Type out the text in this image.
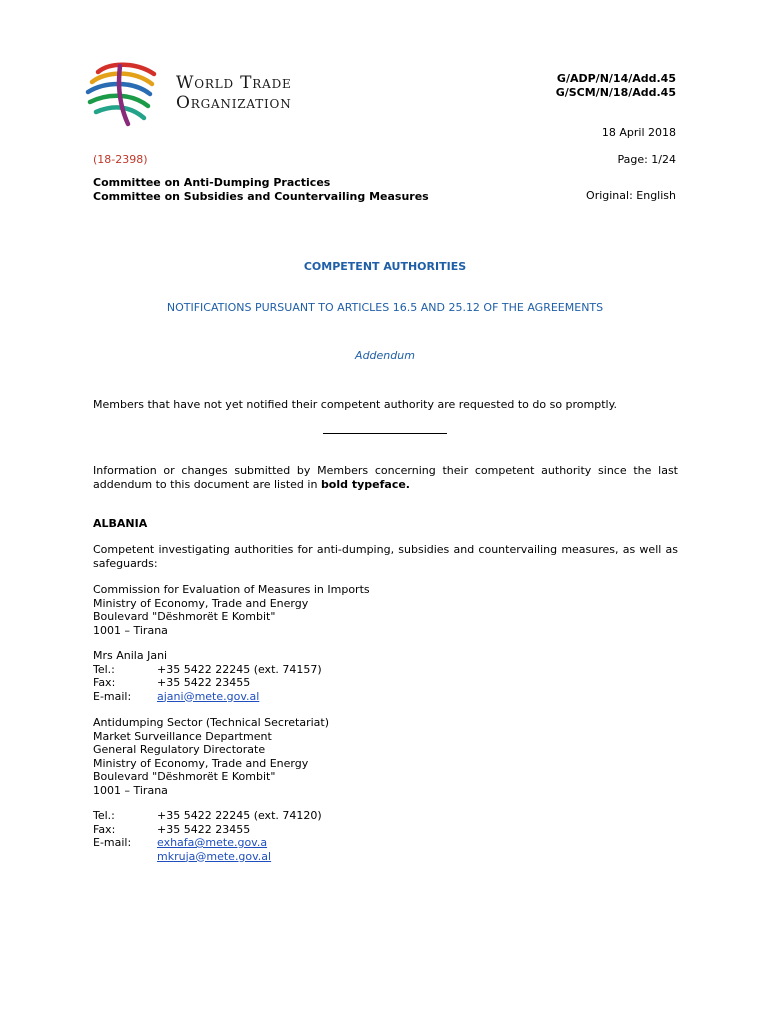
World Trade
Organization
G/ADP/N/14/Add.45
G/SCM/N/18/Add.45
18 April 2018
(18-2398)	Page: 1/24
Committee on Anti-Dumping Practices
Committee on Subsidies and Countervailing Measures	Original: English
COMPETENT AUTHORITIES
NOTIFICATIONS PURSUANT TO ARTICLES 16.5 AND 25.12 OF THE AGREEMENTS
Addendum
Members that have not yet notified their competent authority are requested to do so promptly.
Information or changes submitted by Members concerning their competent authority since the last addendum to this document are listed in bold typeface.
ALBANIA
Competent investigating authorities for anti-dumping, subsidies and countervailing measures, as well as safeguards:
Commission for Evaluation of Measures in Imports
Ministry of Economy, Trade and Energy
Boulevard "Dëshmorët E Kombit"
1001 – Tirana
Mrs Anila Jani
Tel.:	+35 5422 22245 (ext. 74157)
Fax:	+35 5422 23455
E-mail: ajani@mete.gov.al
Antidumping Sector (Technical Secretariat)
Market Surveillance Department
General Regulatory Directorate
Ministry of Economy, Trade and Energy
Boulevard "Dëshmorët E Kombit"
1001 – Tirana
Tel.:	+35 5422 22245 (ext. 74120)
Fax:	+35 5422 23455
E-mail: exhafa@mete.gov.a
mkruja@mete.gov.al
